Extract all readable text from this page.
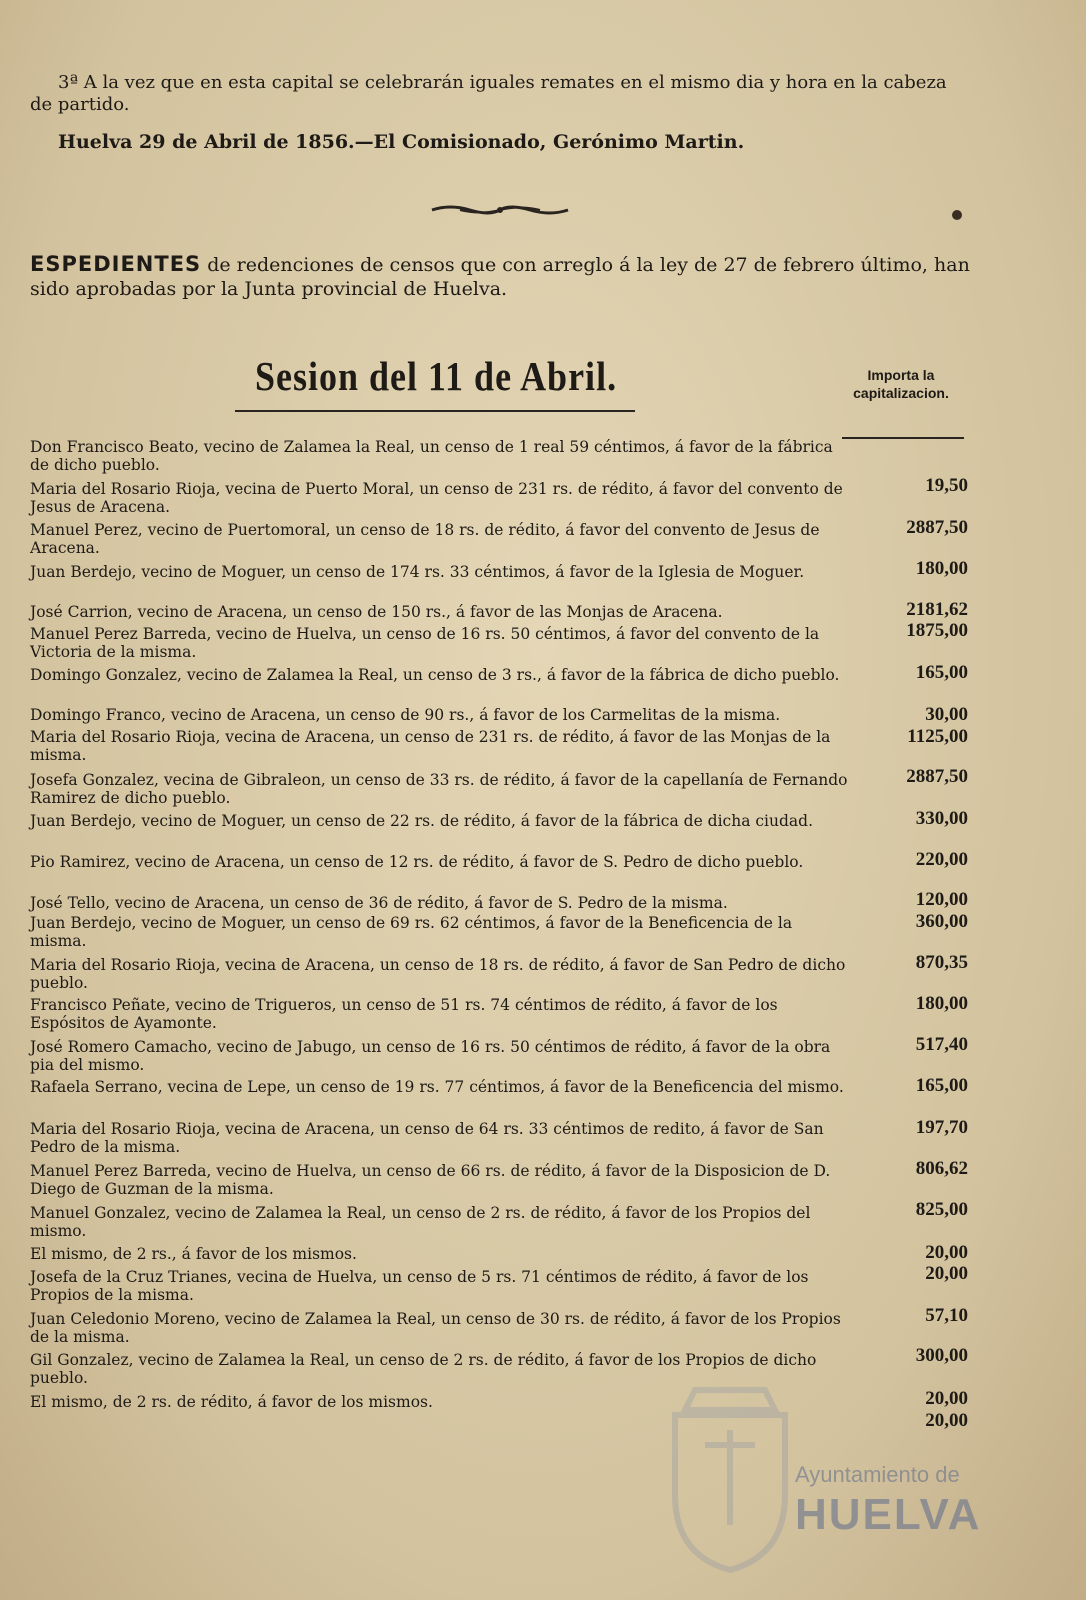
3ª A la vez que en esta capital se celebrarán iguales remates en el mismo dia y hora en la cabeza de partido.
Huelva 29 de Abril de 1856.—El Comisionado, Gerónimo Martin.
ESPEDIENTES de redenciones de censos que con arreglo á la ley de 27 de febrero último, han sido aprobadas por la Junta provincial de Huelva.
Sesion del 11 de Abril.	Importa la capitalizacion.
Don Francisco Beato, vecino de Zalamea la Real, un censo de 1 real 59 céntimos, á favor de la fábrica de dicho pueblo.
19,50
Maria del Rosario Rioja, vecina de Puerto Moral, un censo de 231 rs. de rédito, á favor del convento de Jesus de Aracena.
2887,50
Manuel Perez, vecino de Puertomoral, un censo de 18 rs. de rédito, á favor del convento de Jesus de Aracena.
180,00
Juan Berdejo, vecino de Moguer, un censo de 174 rs. 33 céntimos, á favor de la Iglesia de Moguer.
2181,62
José Carrion, vecino de Aracena, un censo de 150 rs., á favor de las Monjas de Aracena.
1875,00
Manuel Perez Barreda, vecino de Huelva, un censo de 16 rs. 50 céntimos, á favor del convento de la Victoria de la misma.
165,00
Domingo Gonzalez, vecino de Zalamea la Real, un censo de 3 rs., á favor de la fábrica de dicho pueblo.
30,00
Domingo Franco, vecino de Aracena, un censo de 90 rs., á favor de los Carmelitas de la misma.
1125,00
Maria del Rosario Rioja, vecina de Aracena, un censo de 231 rs. de rédito, á favor de las Monjas de la misma.
2887,50
Josefa Gonzalez, vecina de Gibraleon, un censo de 33 rs. de rédito, á favor de la capellanía de Fernando Ramirez de dicho pueblo.
330,00
Juan Berdejo, vecino de Moguer, un censo de 22 rs. de rédito, á favor de la fábrica de dicha ciudad.
220,00
Pio Ramirez, vecino de Aracena, un censo de 12 rs. de rédito, á favor de S. Pedro de dicho pueblo.
120,00
José Tello, vecino de Aracena, un censo de 36 de rédito, á favor de S. Pedro de la misma.
360,00
Juan Berdejo, vecino de Moguer, un censo de 69 rs. 62 céntimos, á favor de la Beneficencia de la misma.
870,35
Maria del Rosario Rioja, vecina de Aracena, un censo de 18 rs. de rédito, á favor de San Pedro de dicho pueblo.
180,00
Francisco Peñate, vecino de Trigueros, un censo de 51 rs. 74 céntimos de rédito, á favor de los Espósitos de Ayamonte.
517,40
José Romero Camacho, vecino de Jabugo, un censo de 16 rs. 50 céntimos de rédito, á favor de la obra pia del mismo.
165,00
Rafaela Serrano, vecina de Lepe, un censo de 19 rs. 77 céntimos, á favor de la Beneficencia del mismo.
197,70
Maria del Rosario Rioja, vecina de Aracena, un censo de 64 rs. 33 céntimos de redito, á favor de San Pedro de la misma.
806,62
Manuel Perez Barreda, vecino de Huelva, un censo de 66 rs. de rédito, á favor de la Disposicion de D. Diego de Guzman de la misma.
825,00
Manuel Gonzalez, vecino de Zalamea la Real, un censo de 2 rs. de rédito, á favor de los Propios del mismo.
20,00
El mismo, de 2 rs., á favor de los mismos.
20,00
Josefa de la Cruz Trianes, vecina de Huelva, un censo de 5 rs. 71 céntimos de rédito, á favor de los Propios de la misma.
57,10
Juan Celedonio Moreno, vecino de Zalamea la Real, un censo de 30 rs. de rédito, á favor de los Propios de la misma.
300,00
Gil Gonzalez, vecino de Zalamea la Real, un censo de 2 rs. de rédito, á favor de los Propios de dicho pueblo.
20,00
El mismo, de 2 rs. de rédito, á favor de los mismos.
20,00
Ayuntamiento de
HUELVA
